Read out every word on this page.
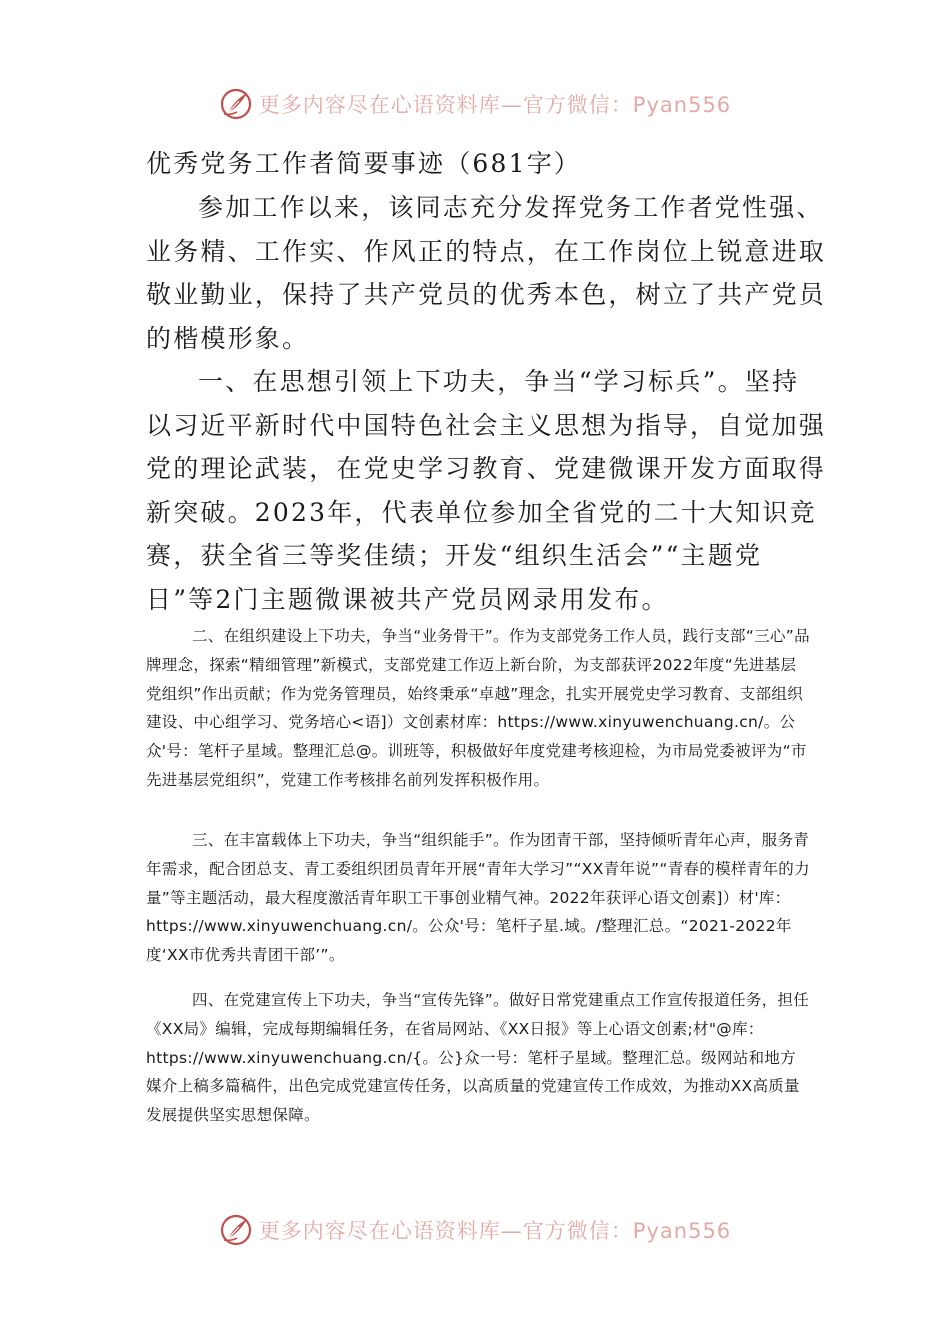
更多内容尽在心语资料库—官方微信：Pyan556

优秀党务工作者简要事迹（681字）

参加工作以来，该同志充分发挥党务工作者党性强、业务精、工作实、作风正的特点，在工作岗位上锐意进取敬业勤业，保持了共产党员的优秀本色，树立了共产党员的楷模形象。

一、在思想引领上下功夫，争当“学习标兵”。坚持以习近平新时代中国特色社会主义思想为指导，自觉加强党的理论武装，在党史学习教育、党建微课开发方面取得新突破。2023年，代表单位参加全省党的二十大知识竞赛，获全省三等奖佳绩；开发“组织生活会”“主题党日”等2门主题微课被共产党员网录用发布。

二、在组织建设上下功夫，争当“业务骨干”。作为支部党务工作人员，践行支部“三心”品牌理念，探索“精细管理”新模式，支部党建工作迈上新台阶，为支部获评2022年度“先进基层党组织”作出贡献；作为党务管理员，始终秉承“卓越”理念，扎实开展党史学习教育、支部组织建设、中心组学习、党务培心<语]）文创素材库：https://www.xinyuwenchuang.cn/。公众'号：笔杆子星域。整理汇总@。训班等，积极做好年度党建考核迎检，为市局党委被评为“市先进基层党组织”，党建工作考核排名前列发挥积极作用。

三、在丰富载体上下功夫，争当“组织能手”。作为团青干部，坚持倾听青年心声，服务青年需求，配合团总支、青工委组织团员青年开展“青年大学习”“XX青年说”“青春的模样青年的力量”等主题活动，最大程度激活青年职工干事创业精气神。2022年获评心语文创素]）材'库：https://www.xinyuwenchuang.cn/。公众'号：笔杆子星.域。/整理汇总。“2021-2022年度‘XX市优秀共青团干部’”。

四、在党建宣传上下功夫，争当“宣传先锋”。做好日常党建重点工作宣传报道任务，担任《XX局》编辑，完成每期编辑任务，在省局网站、《XX日报》等上心语文创素;材"@库：https://www.xinyuwenchuang.cn/{。公}众一号：笔杆子星域。整理汇总。级网站和地方媒介上稿多篇稿件，出色完成党建宣传任务，以高质量的党建宣传工作成效，为推动XX高质量发展提供坚实思想保障。

更多内容尽在心语资料库—官方微信：Pyan556
